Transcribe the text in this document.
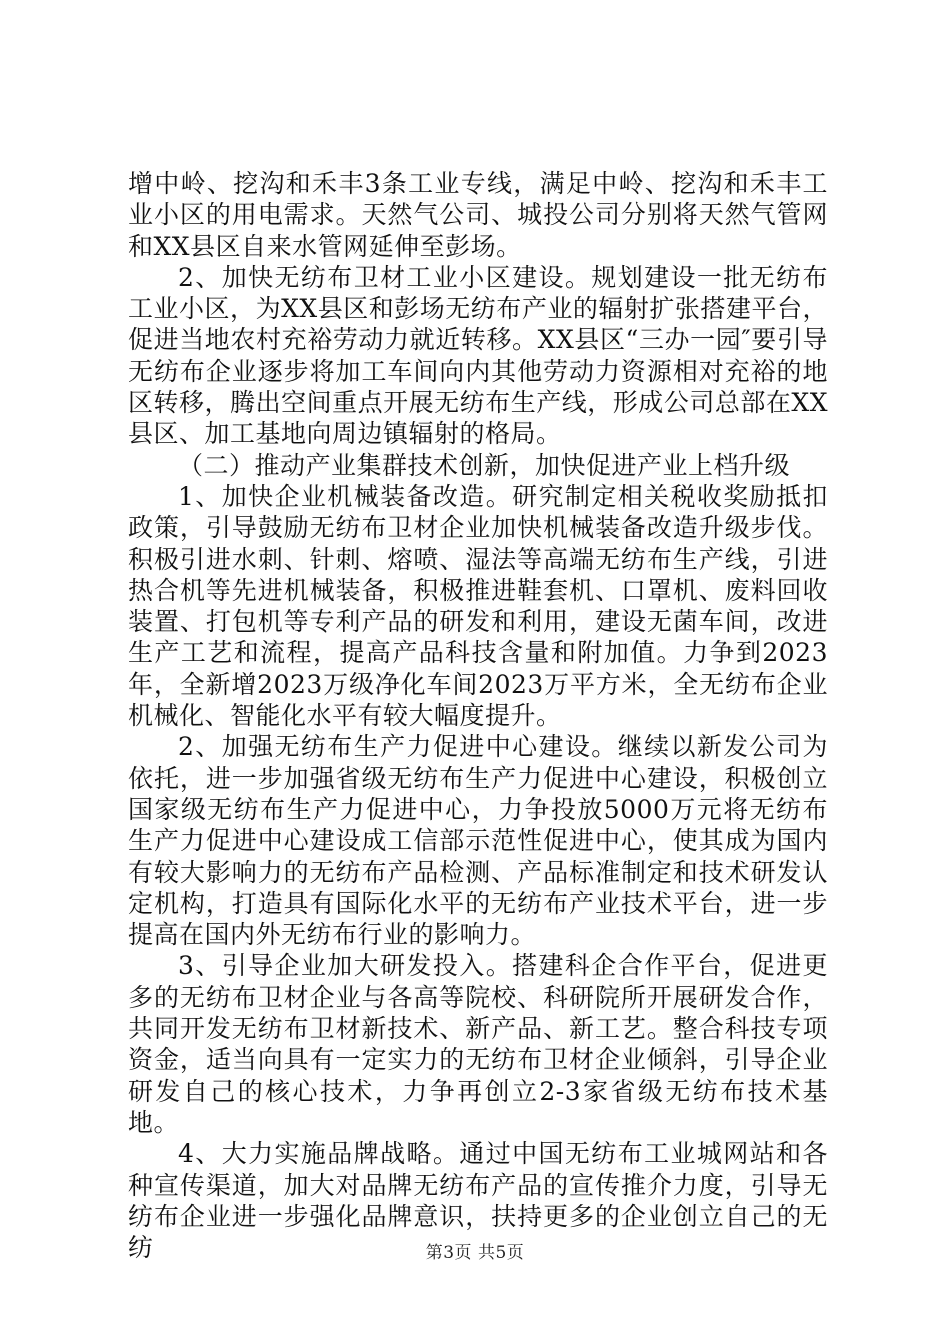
增中岭、挖沟和禾丰3条工业专线，满足中岭、挖沟和禾丰工业小区的用电需求。天然气公司、城投公司分别将天然气管网和XX县区自来水管网延伸至彭场。

2、加快无纺布卫材工业小区建设。规划建设一批无纺布工业小区，为XX县区和彭场无纺布产业的辐射扩张搭建平台，促进当地农村充裕劳动力就近转移。XX县区“三办一园″要引导无纺布企业逐步将加工车间向内其他劳动力资源相对充裕的地区转移，腾出空间重点开展无纺布生产线，形成公司总部在XX县区、加工基地向周边镇辐射的格局。

（二）推动产业集群技术创新，加快促进产业上档升级

1、加快企业机械装备改造。研究制定相关税收奖励抵扣政策，引导鼓励无纺布卫材企业加快机械装备改造升级步伐。积极引进水刺、针刺、熔喷、湿法等高端无纺布生产线，引进热合机等先进机械装备，积极推进鞋套机、口罩机、废料回收装置、打包机等专利产品的研发和利用，建设无菌车间，改进生产工艺和流程，提高产品科技含量和附加值。力争到2023年，全新增2023万级净化车间2023万平方米，全无纺布企业机械化、智能化水平有较大幅度提升。

2、加强无纺布生产力促进中心建设。继续以新发公司为依托，进一步加强省级无纺布生产力促进中心建设，积极创立国家级无纺布生产力促进中心，力争投放5000万元将无纺布生产力促进中心建设成工信部示范性促进中心，使其成为国内有较大影响力的无纺布产品检测、产品标准制定和技术研发认定机构，打造具有国际化水平的无纺布产业技术平台，进一步提高在国内外无纺布行业的影响力。

3、引导企业加大研发投入。搭建科企合作平台，促进更多的无纺布卫材企业与各高等院校、科研院所开展研发合作，共同开发无纺布卫材新技术、新产品、新工艺。整合科技专项资金，适当向具有一定实力的无纺布卫材企业倾斜，引导企业研发自己的核心技术，力争再创立2-3家省级无纺布技术基地。

4、大力实施品牌战略。通过中国无纺布工业城网站和各种宣传渠道，加大对品牌无纺布产品的宣传推介力度，引导无纺布企业进一步强化品牌意识，扶持更多的企业创立自己的无纺	第3页 共5页
